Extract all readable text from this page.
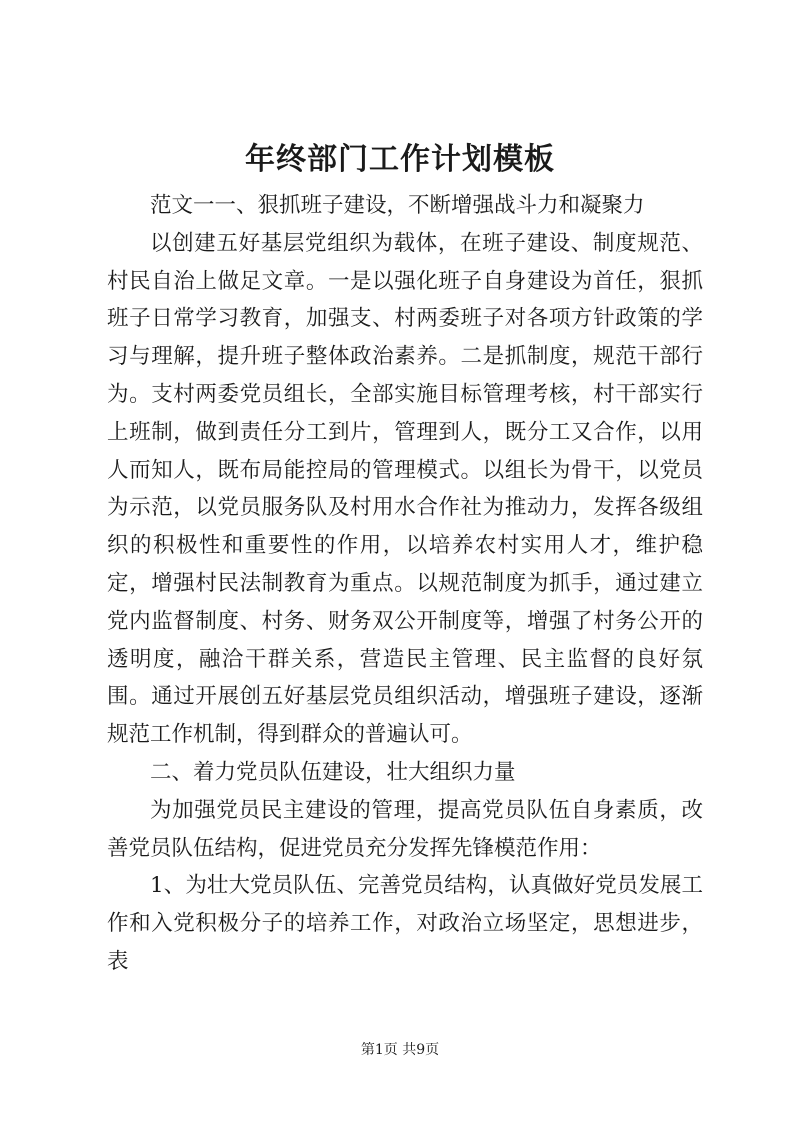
年终部门工作计划模板

范文一一、狠抓班子建设，不断增强战斗力和凝聚力

以创建五好基层党组织为载体，在班子建设、制度规范、村民自治上做足文章。一是以强化班子自身建设为首任，狠抓班子日常学习教育，加强支、村两委班子对各项方针政策的学习与理解，提升班子整体政治素养。二是抓制度，规范干部行为。支村两委党员组长，全部实施目标管理考核，村干部实行上班制，做到责任分工到片，管理到人，既分工又合作，以用人而知人，既布局能控局的管理模式。以组长为骨干，以党员为示范，以党员服务队及村用水合作社为推动力，发挥各级组织的积极性和重要性的作用，以培养农村实用人才，维护稳定，增强村民法制教育为重点。以规范制度为抓手，通过建立党内监督制度、村务、财务双公开制度等，增强了村务公开的透明度，融洽干群关系，营造民主管理、民主监督的良好氛围。通过开展创五好基层党员组织活动，增强班子建设，逐渐规范工作机制，得到群众的普遍认可。

二、着力党员队伍建设，壮大组织力量

为加强党员民主建设的管理，提高党员队伍自身素质，改善党员队伍结构，促进党员充分发挥先锋模范作用：

1、为壮大党员队伍、完善党员结构，认真做好党员发展工作和入党积极分子的培养工作，对政治立场坚定，思想进步，表

第1页 共9页
